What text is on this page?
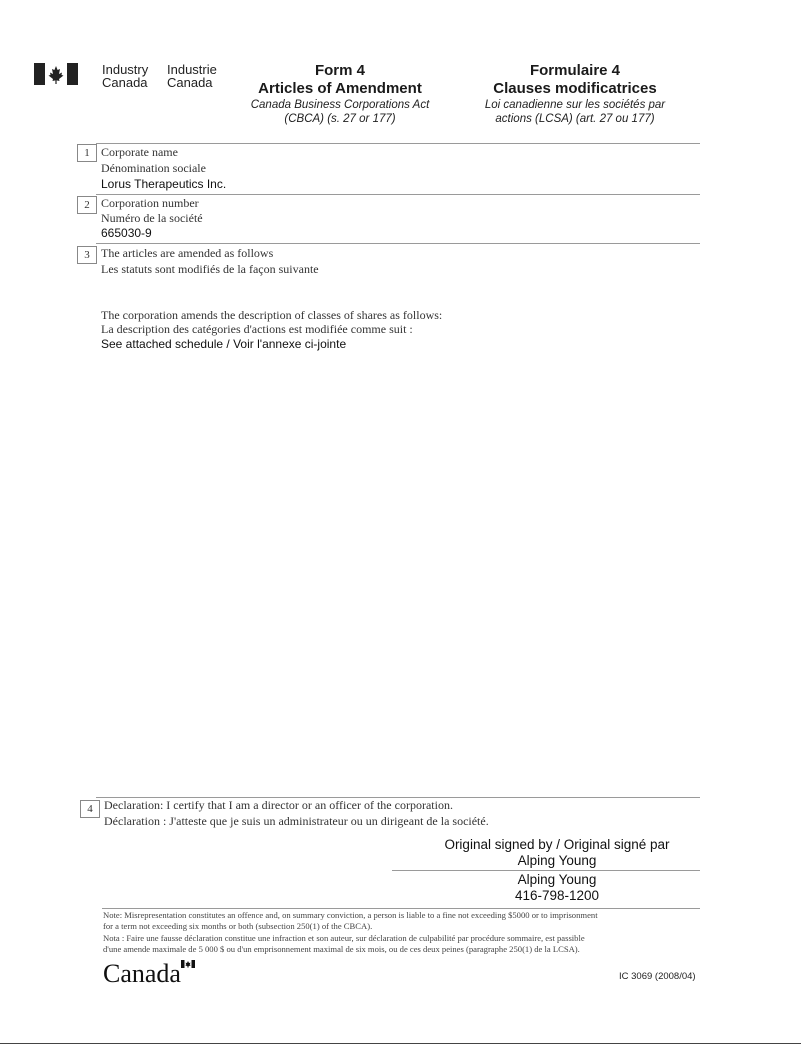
Industry
Canada
Industrie
Canada
Form 4
Articles of Amendment
Canada Business Corporations Act
(CBCA) (s. 27 or 177)
Formulaire 4
Clauses modificatrices
Loi canadienne sur les sociétés par
actions (LCSA) (art. 27 ou 177)
1 Corporate name
Dénomination sociale
Lorus Therapeutics Inc.
2 Corporation number
Numéro de la société
665030-9
3 The articles are amended as follows
Les statuts sont modifiés de la façon suivante
The corporation amends the description of classes of shares as follows:
La description des catégories d'actions est modifiée comme suit :
See attached schedule / Voir l'annexe ci-jointe
4 Declaration: I certify that I am a director or an officer of the corporation.
Déclaration : J'atteste que je suis un administrateur ou un dirigeant de la société.
Original signed by / Original signé par
Alping Young
Alping Young
416-798-1200
Note: Misrepresentation constitutes an offence and, on summary conviction, a person is liable to a fine not exceeding $5000 or to imprisonment
for a term not exceeding six months or both (subsection 250(1) of the CBCA).
Nota : Faire une fausse déclaration constitue une infraction et son auteur, sur déclaration de culpabilité par procédure sommaire, est passible
d'une amende maximale de 5 000 $ ou d'un emprisonnement maximal de six mois, ou de ces deux peines (paragraphe 250(1) de la LCSA).
Canada	IC 3069 (2008/04)
